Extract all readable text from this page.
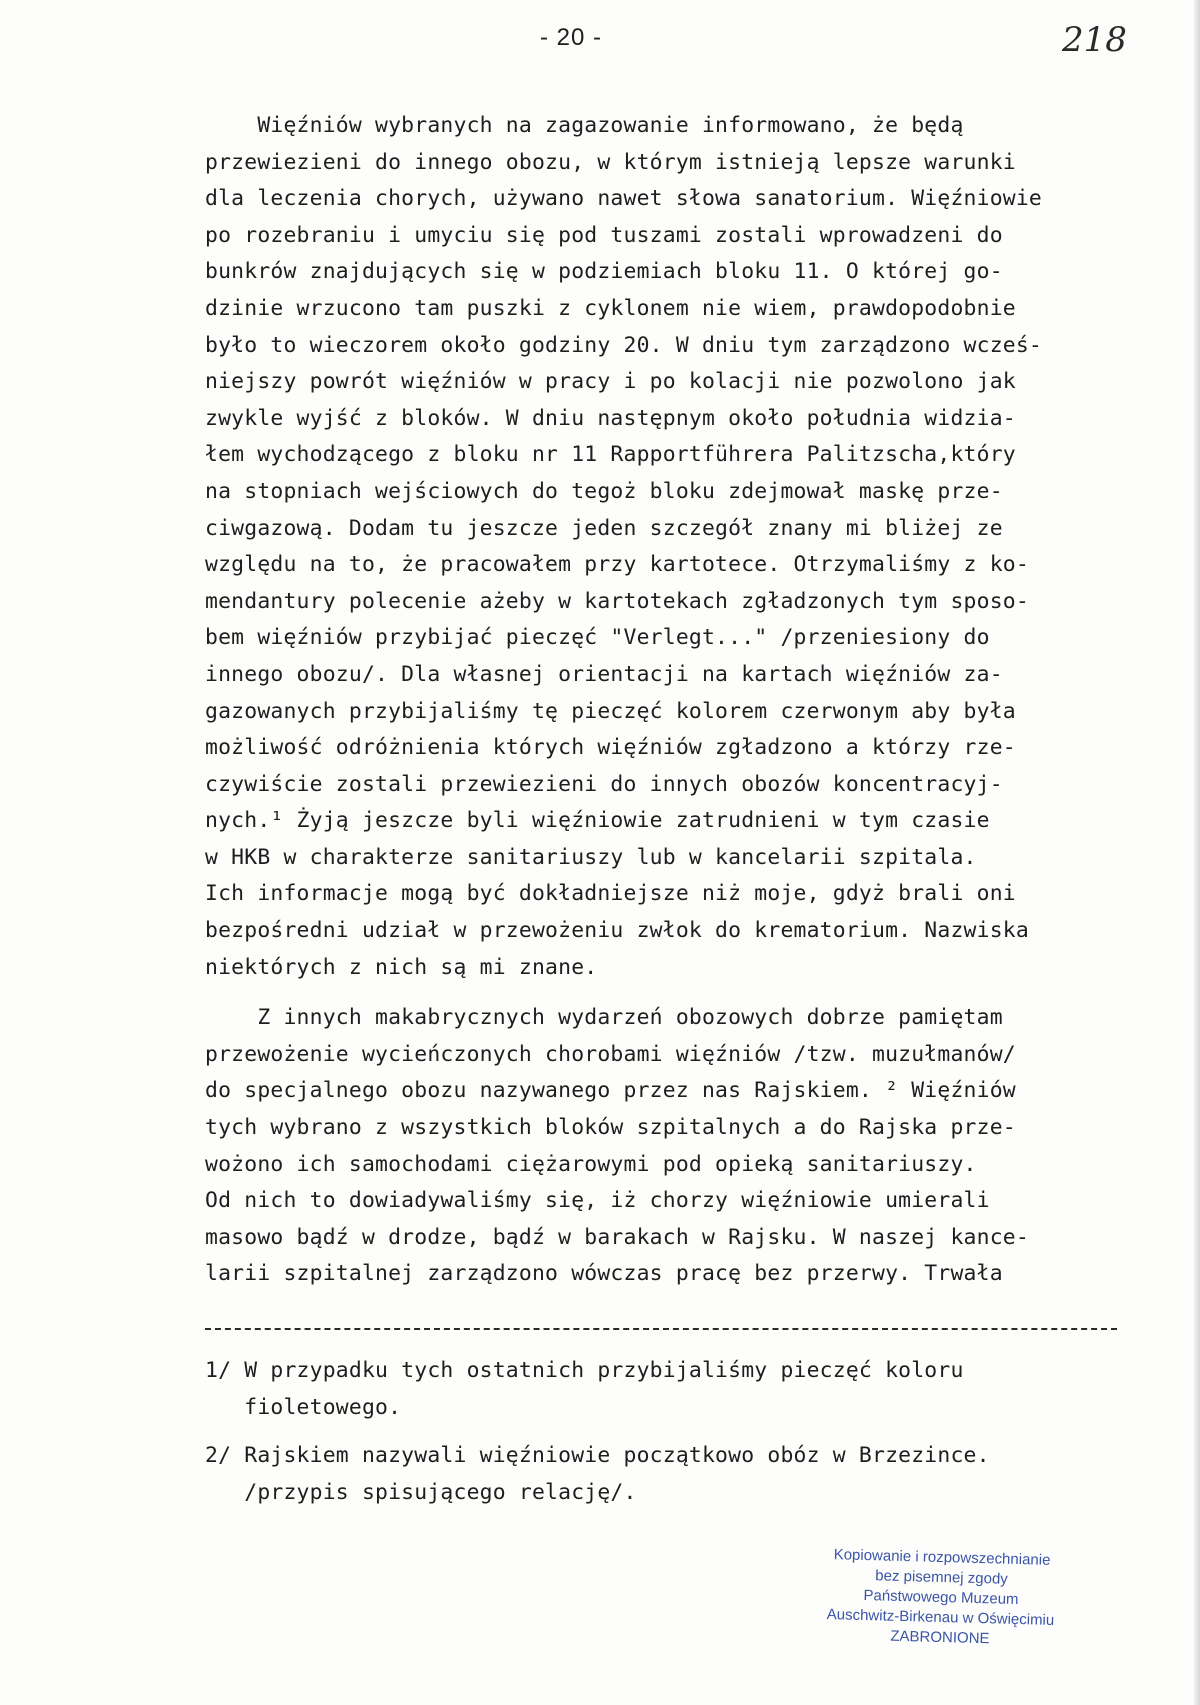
- 20 -	218
Więźniów wybranych na zagazowanie informowano, że będą
przewiezieni do innego obozu, w którym istnieją lepsze warunki
dla leczenia chorych, używano nawet słowa sanatorium. Więźniowie
po rozebraniu i umyciu się pod tuszami zostali wprowadzeni do
bunkrów znajdujących się w podziemiach bloku 11. O której go-
dzinie wrzucono tam puszki z cyklonem nie wiem, prawdopodobnie
było to wieczorem około godziny 20. W dniu tym zarządzono wcześ-
niejszy powrót więźniów w pracy i po kolacji nie pozwolono jak
zwykle wyjść z bloków. W dniu następnym około południa widzia-
łem wychodzącego z bloku nr 11 Rapportführera Palitzscha,który
na stopniach wejściowych do tegoż bloku zdejmował maskę prze-
ciwgazową. Dodam tu jeszcze jeden szczegół znany mi bliżej ze
względu na to, że pracowałem przy kartotece. Otrzymaliśmy z ko-
mendantury polecenie ażeby w kartotekach zgładzonych tym sposo-
bem więźniów przybijać pieczęć "Verlegt..." /przeniesiony do
innego obozu/. Dla własnej orientacji na kartach więźniów za-
gazowanych przybijaliśmy tę pieczęć kolorem czerwonym aby była
możliwość odróżnienia których więźniów zgładzono a którzy rze-
czywiście zostali przewiezieni do innych obozów koncentracyj-
nych.¹ Żyją jeszcze byli więźniowie zatrudnieni w tym czasie
w HKB w charakterze sanitariuszy lub w kancelarii szpitala.
Ich informacje mogą być dokładniejsze niż moje, gdyż brali oni
bezpośredni udział w przewożeniu zwłok do krematorium. Nazwiska
niektórych z nich są mi znane.
Z innych makabrycznych wydarzeń obozowych dobrze pamiętam
przewożenie wycieńczonych chorobami więźniów /tzw. muzułmanów/
do specjalnego obozu nazywanego przez nas Rajskiem. ² Więźniów
tych wybrano z wszystkich bloków szpitalnych a do Rajska prze-
wożono ich samochodami ciężarowymi pod opieką sanitariuszy.
Od nich to dowiadywaliśmy się, iż chorzy więźniowie umierali
masowo bądź w drodze, bądź w barakach w Rajsku. W naszej kance-
larii szpitalnej zarządzono wówczas pracę bez przerwy. Trwała
1/ W przypadku tych ostatnich przybijaliśmy pieczęć koloru
fioletowego.
2/ Rajskiem nazywali więźniowie początkowo obóz w Brzezince.
/przypis spisującego relację/.
Kopiowanie i rozpowszechnianie
bez pisemnej zgody
Państwowego Muzeum
Auschwitz-Birkenau w Oświęcimiu
ZABRONIONE
